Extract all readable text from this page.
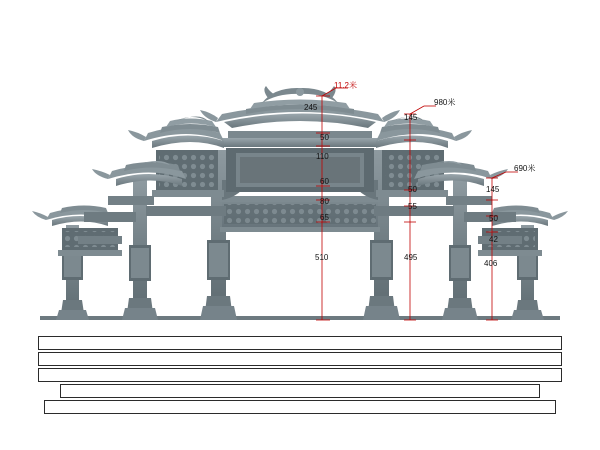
245
50
110
60
80
65
510
145
50
55
495
145
50
42
406
11.2米
980米
690米
